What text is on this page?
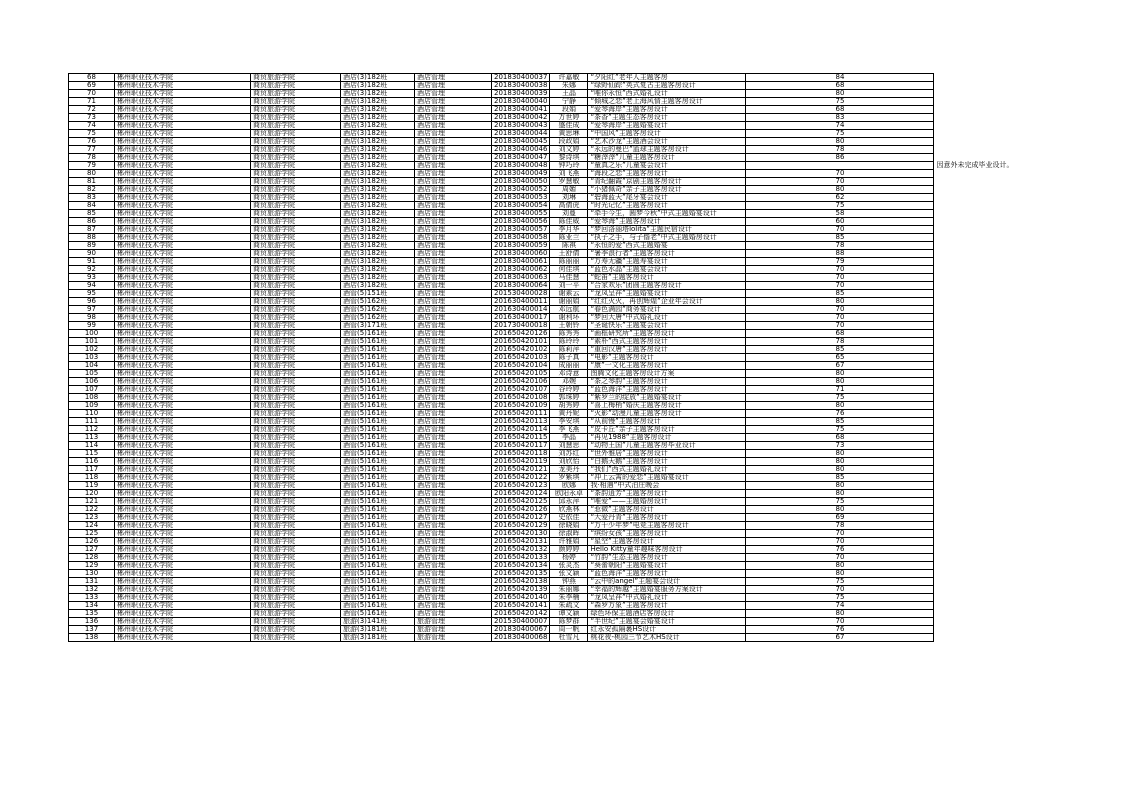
68	郴州职业技术学院	商贸旅游学院	酒店(3)182班	酒店管理	201830400037	许嘉敏	“夕阳红”老年人主题客房	84	
69	郴州职业技术学院	商贸旅游学院	酒店(3)182班	酒店管理	201830400038	朱娜	“绿野仙踪”英式复古主题客房设计	68	
70	郴州职业技术学院	商贸旅游学院	酒店(3)182班	酒店管理	201830400039	王晶	“唯你永恒”西式婚礼设计	80	
71	郴州职业技术学院	商贸旅游学院	酒店(3)182班	酒店管理	201830400040	宁静	“倾城之恋”老上海风情主题客房设计	75	
72	郴州职业技术学院	商贸旅游学院	酒店(3)182班	酒店管理	201830400041	段娟	“爱琴海岸”主题客房设计	68	
73	郴州职业技术学院	商贸旅游学院	酒店(3)182班	酒店管理	201830400042	万世婷	“茶香”主题生态客房设计	83	
74	郴州职业技术学院	商贸旅游学院	酒店(3)182班	酒店管理	201830400043	盛佳成	“爱琴海岸”主题婚宴设计	74	
75	郴州职业技术学院	商贸旅游学院	酒店(3)182班	酒店管理	201830400044	黄思琳	“中国风”主题客房设计	75	
76	郴州职业技术学院	商贸旅游学院	酒店(3)182班	酒店管理	201830400045	段政娟	“艺术沙龙”主题酒会设计	80	
77	郴州职业技术学院	商贸旅游学院	酒店(3)182班	酒店管理	201830400046	刘文婷	“永远的曼巴”篮球主题客房设计	78	
78	郴州职业技术学院	商贸旅游学院	酒店(3)182班	酒店管理	201830400047	黎诗琪	“糖滓滓”儿童主题客房设计	86	
79	郴州职业技术学院	商贸旅游学院	酒店(3)182班	酒店管理	201830400048	钟巧玲	“童真之乐”儿童宴会设计		因意外未完成毕业设计。
80	郴州职业技术学院	商贸旅游学院	酒店(3)182班	酒店管理	201830400049	刘飞燕	“海段之恋”主题客房设计	70	
81	郴州职业技术学院	商贸旅游学院	酒店(3)182班	酒店管理	201830400050	罗慧敏	“青纪翻霞”京剧主题客房设计	70	
82	郴州职业技术学院	商贸旅游学院	酒店(3)182班	酒店管理	201830400052	周媚	“小猪佩奇”亲子主题客房设计	80	
83	郴州职业技术学院	商贸旅游学院	酒店(3)182班	酒店管理	201830400053	刘琳	“碧海蓝天”尾牙宴会设计	62	
84	郴州职业技术学院	商贸旅游学院	酒店(3)182班	酒店管理	201830400054	高倩虎	“时光记忆”主题客房设计	75	
85	郴州职业技术学院	商贸旅游学院	酒店(3)182班	酒店管理	201830400055	刘蔓	“牵手今生，圆梦今秋”中式主题婚宴设计	58	
86	郴州职业技术学院	商贸旅游学院	酒店(3)182班	酒店管理	201830400056	陈佳威	“爱琴海”主题客房设计	60	
87	郴州职业技术学院	商贸旅游学院	酒店(3)182班	酒店管理	201830400057	李月华	“梦回洛丽塔lolita”主题民宿设计	70	
88	郴州职业技术学院	商贸旅游学院	酒店(3)182班	酒店管理	201830400058	陈亚兰	“执子之手，与子偕老”中式主题婚房设计	85	
89	郴州职业技术学院	商贸旅游学院	酒店(3)182班	酒店管理	201830400059	陈祺	“永恒的爱”西式主题婚宴	78	
90	郴州职业技术学院	商贸旅游学院	酒店(3)182班	酒店管理	201830400060	王舒倩	“暑季浪行者”主题客房设计	88	
91	郴州职业技术学院	商贸旅游学院	酒店(3)182班	酒店管理	201830400061	陈丽丽	“万寿无疆”主题寿宴设计	79	
92	郴州职业技术学院	商贸旅游学院	酒店(3)182班	酒店管理	201830400062	何佳琪	“蓝色水晶”主题宴会设计	70	
93	郴州职业技术学院	商贸旅游学院	酒店(3)182班	酒店管理	201830400063	马佳慧	“蛇笛”主题客房设计	70	
94	郴州职业技术学院	商贸旅游学院	酒店(3)182班	酒店管理	201830400064	刘一平	“合家欢乐”团圆主题客房设计	70	
95	郴州职业技术学院	商贸旅游学院	酒管(5)151班	酒店管理	201530400028	谢素云	“龙凤呈祥”主题婚宴设计	85	
96	郴州职业技术学院	商贸旅游学院	酒管(5)162班	酒店管理	201630400011	谢丽娟	“红红火火，再创辉煌”企业年会设计	80	
97	郴州职业技术学院	商贸旅游学院	酒管(5)162班	酒店管理	201630400014	邓远航	“春色满园”商务宴设计	70	
98	郴州职业技术学院	商贸旅游学院	酒管(5)162班	酒店管理	201630400017	谢利环	“梦回大唐”中式婚礼设计	70	
99	郴州职业技术学院	商贸旅游学院	酒管(3)171班	酒店管理	201730400018	王朝铃	“圣诞快乐”主题宴会设计	70	
100	郴州职业技术学院	商贸旅游学院	酒管(5)161班	酒店管理	201650420126	陈秀秀	“画框研究所”主题客房设计	68	
101	郴州职业技术学院	商贸旅游学院	酒管(5)161班	酒店管理	201650420101	陈玲玲	“素朴”西式主题客房设计	78	
102	郴州职业技术学院	商贸旅游学院	酒管(5)161班	酒店管理	201650420102	陈莉萍	“重回汉唐”主题客房设计	85	
103	郴州职业技术学院	商贸旅游学院	酒管(5)161班	酒店管理	201650420103	陈子真	“电影”主题客房设计	65	
104	郴州职业技术学院	商贸旅游学院	酒管(5)161班	酒店管理	201650420104	成丽丽	“康”一文化主题客房设计	67	
105	郴州职业技术学院	商贸旅游学院	酒管(5)161班	酒店管理	201650420105	邓诗意	图腾文化主题客房设计方案	80	
106	郴州职业技术学院	商贸旅游学院	酒管(5)161班	酒店管理	201650420106	邓婉	“茶之琴韵”主题客房设计	80	
107	郴州职业技术学院	商贸旅游学院	酒管(5)161班	酒店管理	201650420107	谷玲婷	“蓝色海洋”主题客房设计	71	
108	郴州职业技术学院	商贸旅游学院	酒管(5)161班	酒店管理	201650420108	郭珠婷	“紫罗兰的绽放”主题婚宴设计	75	
109	郴州职业技术学院	商贸旅游学院	酒管(5)161班	酒店管理	201650420109	胡秀婷	“喜上梅梢”婚庆主题客房设计	80	
110	郴州职业技术学院	商贸旅游学院	酒管(5)161班	酒店管理	201650420111	黄丹妮	“火影”动漫儿童主题客房设计	76	
111	郴州职业技术学院	商贸旅游学院	酒管(5)161班	酒店管理	201650420113	李安琪	“从前慢”主题客房设计	85	
112	郴州职业技术学院	商贸旅游学院	酒管(5)161班	酒店管理	201650420114	李飞燕	“皮卡丘”亲子主题客房设计	75	
113	郴州职业技术学院	商贸旅游学院	酒管(5)161班	酒店管理	201650420115	李晶	“再见1988”主题客房设计	68	
114	郴州职业技术学院	商贸旅游学院	酒管(5)161班	酒店管理	201650420117	刘慧思	“动物王国”儿童主题客房毕业设计	73	
115	郴州职业技术学院	商贸旅游学院	酒管(5)161班	酒店管理	201650420118	刘苏红	“世外雅居”主题客房设计	80	
116	郴州职业技术学院	商贸旅游学院	酒管(5)161班	酒店管理	201650420119	刘欣怡	“白鹅天鹅”主题客房设计	80	
117	郴州职业技术学院	商贸旅游学院	酒管(5)161班	酒店管理	201650420121	龙美丹	“我们”西式主题婚礼设计	80	
118	郴州职业技术学院	商贸旅游学院	酒管(5)161班	酒店管理	201650420122	罗紫琪	“冲上云霄的爱恋”主题婚宴设计	85	
119	郴州职业技术学院	商贸旅游学院	酒管(5)161班	酒店管理	201650420123	欧娜	我·相遇”中式泊庄晚会	80	
120	郴州职业技术学院	商贸旅游学院	酒管(5)161班	酒店管理	201650420124	欧阳永卓	“茶韵逍芳”主题客房设计	80	
121	郴州职业技术学院	商贸旅游学院	酒管(5)161班	酒店管理	201650420125	邱永萍	“唯爱”——主题婚房设计	75	
122	郴州职业技术学院	商贸旅游学院	酒管(5)161班	酒店管理	201650420126	欣燕林	“惹微”主题客房设计	80	
123	郴州职业技术学院	商贸旅游学院	酒管(5)161班	酒店管理	201650420127	史依佳	“大爱丹青”主题客房设计	69	
124	郴州职业技术学院	商贸旅游学院	酒管(5)161班	酒店管理	201650420129	徐晓娟	“万千少年梦”电竞主题客房设计	78	
125	郴州职业技术学院	商贸旅游学院	酒管(5)161班	酒店管理	201650420130	徐淑晖	“缤纷女孩”主题客房设计	70	
126	郴州职业技术学院	商贸旅游学院	酒管(5)161班	酒店管理	201650420131	许雅娟	“星空”主题客房设计	70	
127	郴州职业技术学院	商贸旅游学院	酒管(5)161班	酒店管理	201650420132	颜婷婷	Hello Kitty童年趣味客房设计	76	
128	郴州职业技术学院	商贸旅游学院	酒管(5)161班	酒店管理	201650420133	杨婷	“竹韵”生态主题客房设计	70	
129	郴州职业技术学院	商贸旅游学院	酒管(5)161班	酒店管理	201650420134	张灵杰	“葵蕾朝阳”主题婚宴设计	80	
130	郴州职业技术学院	商贸旅游学院	酒管(5)161班	酒店管理	201650420135	张文颖	“蓝色海洋”主题客房设计	80	
131	郴州职业技术学院	商贸旅游学院	酒管(5)161班	酒店管理	201650420138	钟燕	“云中的angel”主题宴会设计	75	
132	郴州职业技术学院	商贸旅游学院	酒管(5)161班	酒店管理	201650420139	朱丽娜	“幸福的辉越”主题婚宴服务方案设计	70	
133	郴州职业技术学院	商贸旅游学院	酒管(5)161班	酒店管理	201650420140	朱李楠	“龙凤呈祥”中式婚礼设计	75	
134	郴州职业技术学院	商贸旅游学院	酒管(5)161班	酒店管理	201650420141	朱疏文	“森罗万象”主题客房设计	74	
135	郴州职业技术学院	商贸旅游学院	酒管(5)161班	酒店管理	201650420142	谭文颖	绿色环保主题酒店客房设计	80	
136	郴州职业技术学院	商贸旅游学院	旅游(3)141班	旅游管理	201530400007	陈梦群	“半世纪”主题宴会婚宴设计	70	
137	郴州职业技术学院	商贸旅游学院	旅游(3)181班	旅游管理	201830400067	周一帆	红永安孤隔裹HS设计	76	
138	郴州职业技术学院	商贸旅游学院	旅游(3)181班	旅游管理	201830400068	杜雪凡	桃花夜-桃园三节艺术HS设计	67	
